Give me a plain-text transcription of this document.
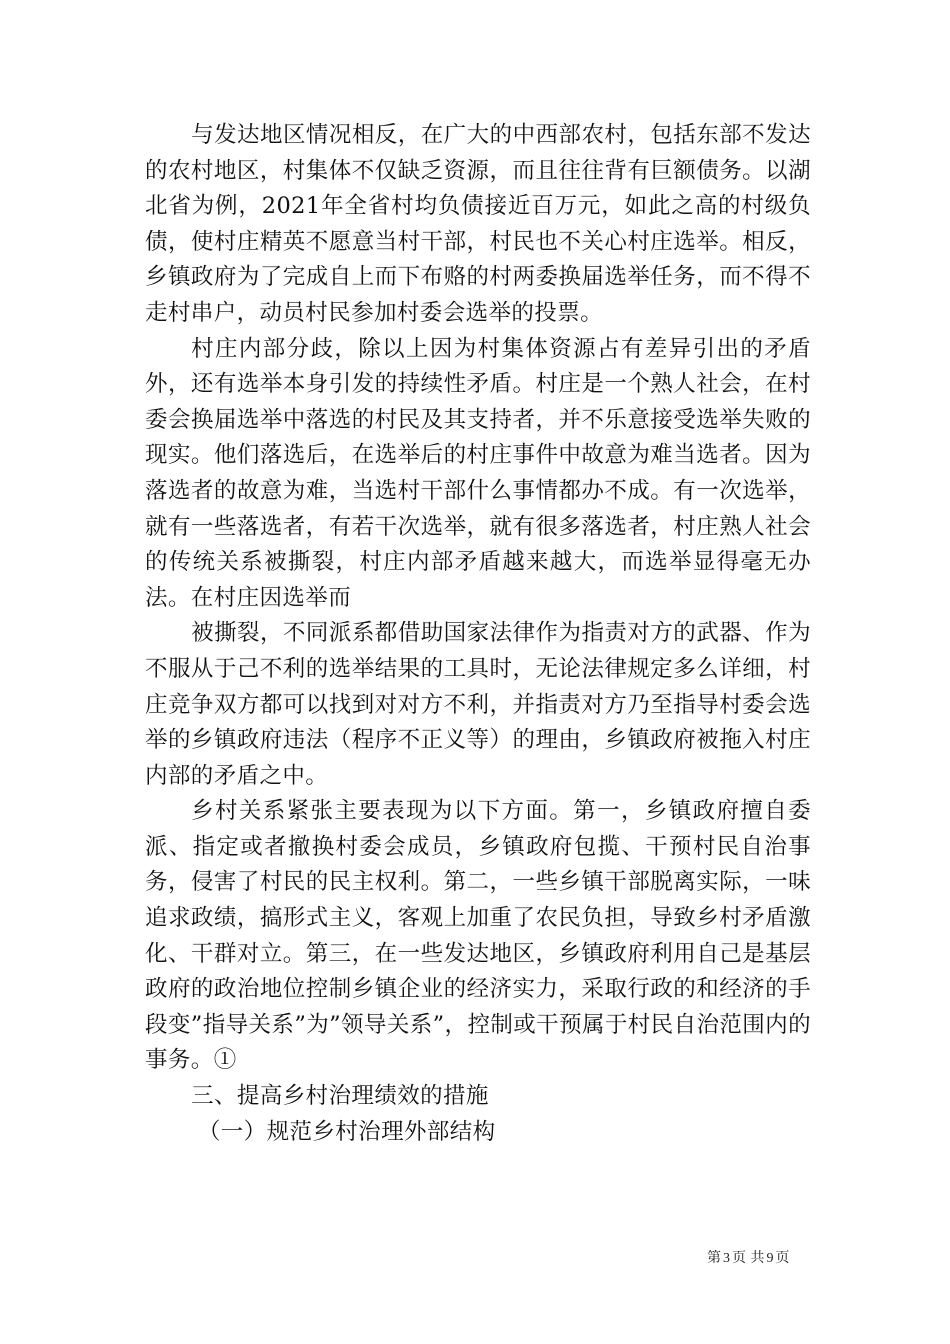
与发达地区情况相反，在广大的中西部农村，包括东部不发达的农村地区，村集体不仅缺乏资源，而且往往背有巨额债务。以湖北省为例，2021年全省村均负债接近百万元，如此之高的村级负债，使村庄精英不愿意当村干部，村民也不关心村庄选举。相反，乡镇政府为了完成自上而下布赂的村两委换届选举任务，而不得不走村串户，动员村民参加村委会选举的投票。

村庄内部分歧，除以上因为村集体资源占有差异引出的矛盾外，还有选举本身引发的持续性矛盾。村庄是一个熟人社会，在村委会换届选举中落选的村民及其支持者，并不乐意接受选举失败的现实。他们落选后，在选举后的村庄事件中故意为难当选者。因为落选者的故意为难，当选村干部什么事情都办不成。有一次选举，就有一些落选者，有若干次选举，就有很多落选者，村庄熟人社会的传统关系被撕裂，村庄内部矛盾越来越大，而选举显得毫无办法。在村庄因选举而

被撕裂，不同派系都借助国家法律作为指责对方的武器、作为不服从于己不利的选举结果的工具时，无论法律规定多么详细，村庄竞争双方都可以找到对对方不利，并指责对方乃至指导村委会选举的乡镇政府违法（程序不正义等）的理由，乡镇政府被拖入村庄内部的矛盾之中。

乡村关系紧张主要表现为以下方面。第一，乡镇政府擅自委派、指定或者撤换村委会成员，乡镇政府包揽、干预村民自治事务，侵害了村民的民主权利。第二，一些乡镇干部脱离实际，一味追求政绩，搞形式主义，客观上加重了农民负担，导致乡村矛盾激化、干群对立。第三，在一些发达地区，乡镇政府利用自己是基层政府的政治地位控制乡镇企业的经济实力，采取行政的和经济的手段变”指导关系”为”领导关系”，控制或干预属于村民自治范围内的事务。①

三、提高乡村治理绩效的措施

（一）规范乡村治理外部结构

第 3 页 共 9 页
